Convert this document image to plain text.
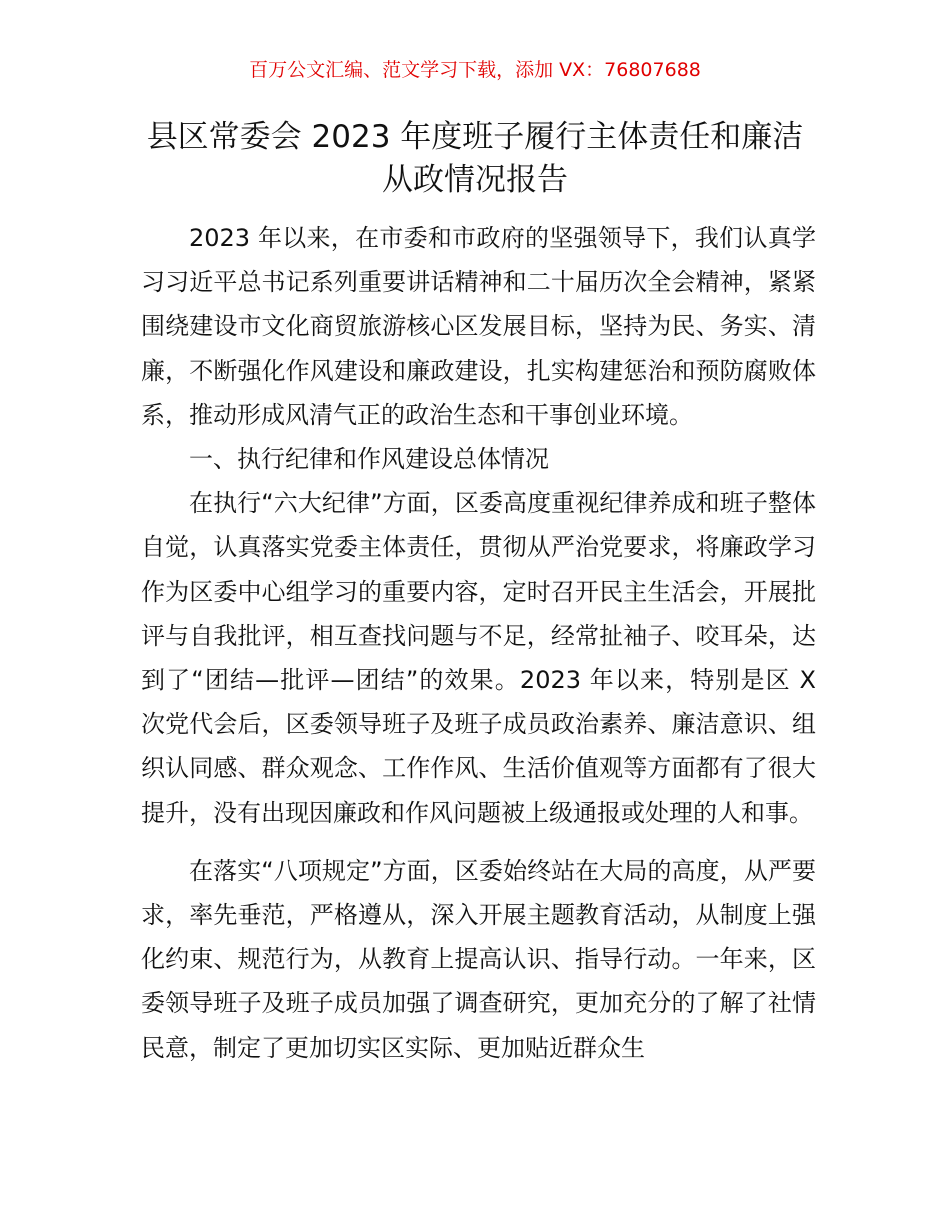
百万公文汇编、范文学习下载，添加 VX：76807688
县区常委会 2023 年度班子履行主体责任和廉洁
从政情况报告

2023 年以来，在市委和市政府的坚强领导下，我们认真学习习近平总书记系列重要讲话精神和二十届历次全会精神，紧紧围绕建设市文化商贸旅游核心区发展目标，坚持为民、务实、清廉，不断强化作风建设和廉政建设，扎实构建惩治和预防腐败体系，推动形成风清气正的政治生态和干事创业环境。

一、执行纪律和作风建设总体情况

在执行“六大纪律”方面，区委高度重视纪律养成和班子整体自觉，认真落实党委主体责任，贯彻从严治党要求，将廉政学习作为区委中心组学习的重要内容，定时召开民主生活会，开展批评与自我批评，相互查找问题与不足，经常扯袖子、咬耳朵，达到了“团结—批评—团结”的效果。2023 年以来，特别是区 X 次党代会后，区委领导班子及班子成员政治素养、廉洁意识、组织认同感、群众观念、工作作风、生活价值观等方面都有了很大提升，没有出现因廉政和作风问题被上级通报或处理的人和事。

在落实“八项规定”方面，区委始终站在大局的高度，从严要求，率先垂范，严格遵从，深入开展主题教育活动，从制度上强化约束、规范行为，从教育上提高认识、指导行动。一年来，区委领导班子及班子成员加强了调查研究，更加充分的了解了社情民意，制定了更加切实区实际、更加贴近群众生
